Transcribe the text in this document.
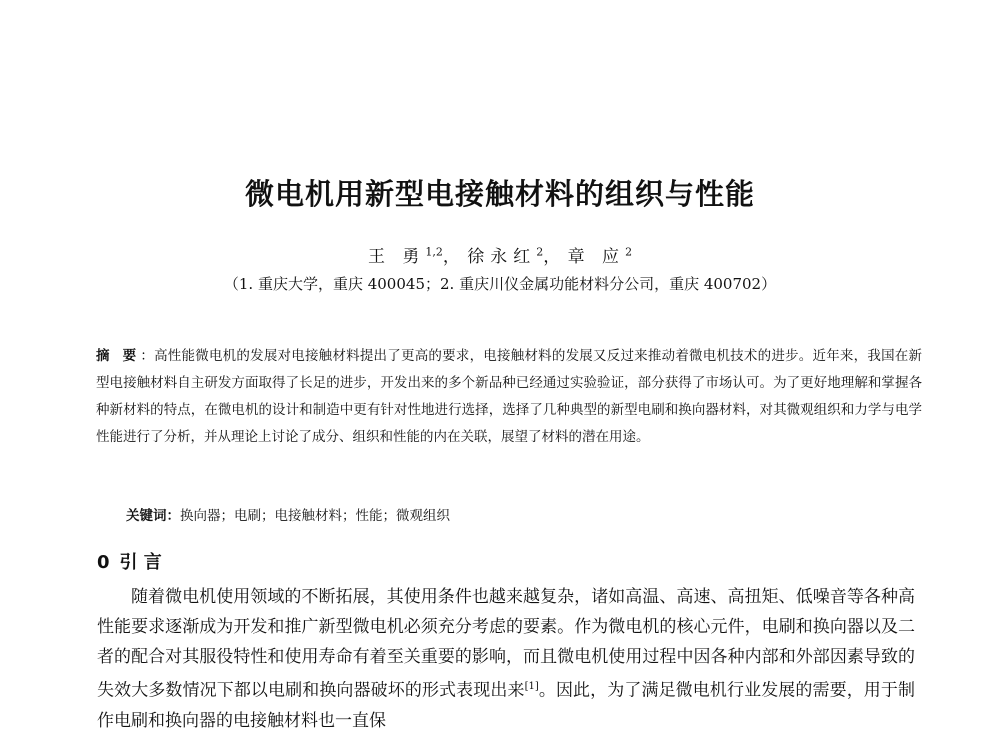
微电机用新型电接触材料的组织与性能
王 勇$^{1,2}$， 徐永红$^2$， 章 应$^2$
（1. 重庆大学，重庆 400045；2. 重庆川仪金属功能材料分公司，重庆 400702）

摘 要：高性能微电机的发展对电接触材料提出了更高的要求，电接触材料的发展又反过来推动着微电机技术的进步。近年来，我国在新型电接触材料自主研发方面取得了长足的进步，开发出来的多个新品种已经通过实验验证，部分获得了市场认可。为了更好地理解和掌握各种新材料的特点，在微电机的设计和制造中更有针对性地进行选择，选择了几种典型的新型电刷和换向器材料，对其微观组织和力学与电学性能进行了分析，并从理论上讨论了成分、组织和性能的内在关联，展望了材料的潜在用途。

关键词：换向器；电刷；电接触材料；性能；微观组织
0 引 言

随着微电机使用领域的不断拓展，其使用条件也越来越复杂，诸如高温、高速、高扭矩、低噪音等各种高性能要求逐渐成为开发和推广新型微电机必须充分考虑的要素。作为微电机的核心元件，电刷和换向器以及二者的配合对其服役特性和使用寿命有着至关重要的影响，而且微电机使用过程中因各种内部和外部因素导致的失效大多数情况下都以电刷和换向器破坏的形式表现出来[1]。因此，为了满足微电机行业发展的需要，用于制作电刷和换向器的电接触材料也一直保
